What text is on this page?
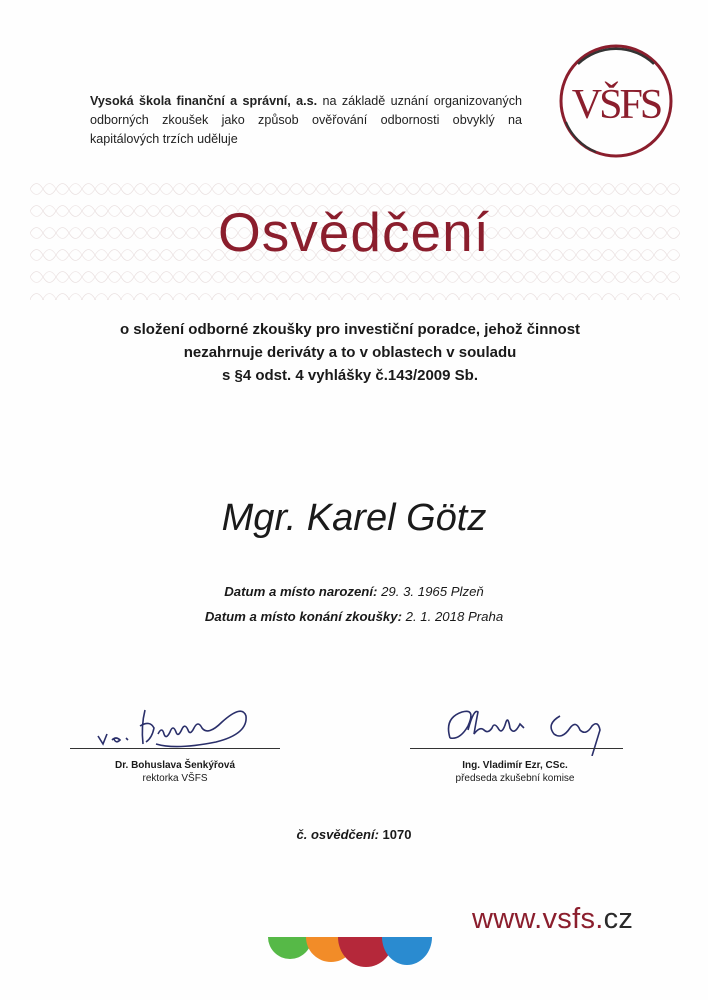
Vysoká škola finanční a správní, a.s. na základě uznání organizovaných odborných zkoušek jako způsob ověřování odbornosti obvyklý na kapitálových trzích uděluje
VŠFS
Osvědčení
o složení odborné zkoušky pro investiční poradce, jehož činnost
nezahrnuje deriváty a to v oblastech v souladu
s §4 odst. 4 vyhlášky č.143/2009 Sb.
Mgr. Karel Götz
Datum a místo narození: 29. 3. 1965 Plzeň
Datum a místo konání zkoušky: 2. 1. 2018 Praha
Dr. Bohuslava Šenkýřová
rektorka VŠFS
Ing. Vladimír Ezr, CSc.
předseda zkušební komise
č. osvědčení: 1070
www.vsfs.cz
